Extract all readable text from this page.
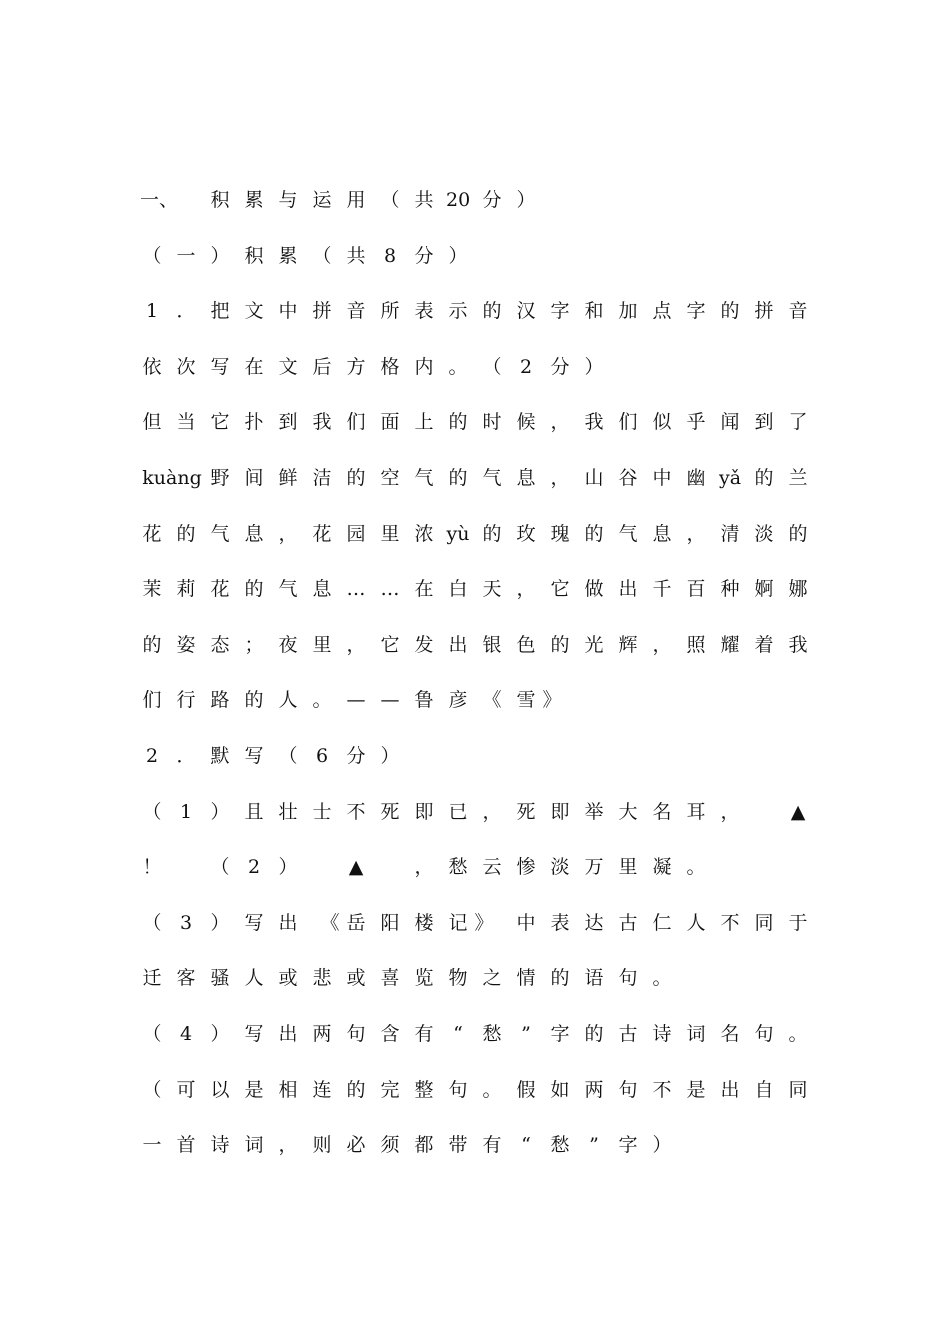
一、 积 累 与 运 用 （ 共 20 分 ）
（ 一 ） 积 累 （ 共 8 分 ）
1 ． 把 文 中 拼 音 所 表 示 的 汉 字 和 加 点 字 的 拼 音
依 次 写 在 文 后 方 格 内 。 （ 2 分 ）
但 当 它 扑 到 我 们 面 上 的 时 候 ， 我 们 似 乎 闻 到 了
kuàng 野 间 鲜 洁 的 空 气 的 气 息 ， 山 谷 中 幽 yǎ 的 兰
花 的 气 息 ， 花 园 里 浓 yù 的 玫 瑰 的 气 息 ， 清 淡 的
茉 莉 花 的 气 息 … … 在 白 天 ， 它 做 出 千 百 种 婀 娜
的 姿 态 ； 夜 里 ， 它 发 出 银 色 的 光 辉 ， 照 耀 着 我
们 行 路 的 人 。 — — 鲁 彦 《 雪 》
2 ． 默 写 （ 6 分 ）
（ 1 ） 且 壮 士 不 死 即 已 ， 死 即 举 大 名 耳 ，	▲
！	（ 2 ）	▲	， 愁 云 惨 淡 万 里 凝 。
（ 3 ） 写 出 《 岳 阳 楼 记 》 中 表 达 古 仁 人 不 同 于
迁 客 骚 人 或 悲 或 喜 览 物 之 情 的 语 句 。
（ 4 ） 写 出 两 句 含 有	“	愁	”	字 的 古 诗 词 名 句 。
（ 可 以 是 相 连 的 完 整 句 。 假 如 两 句 不 是 出 自 同
一 首 诗 词 ， 则 必 须 都 带 有	“	愁	”	字 ）
